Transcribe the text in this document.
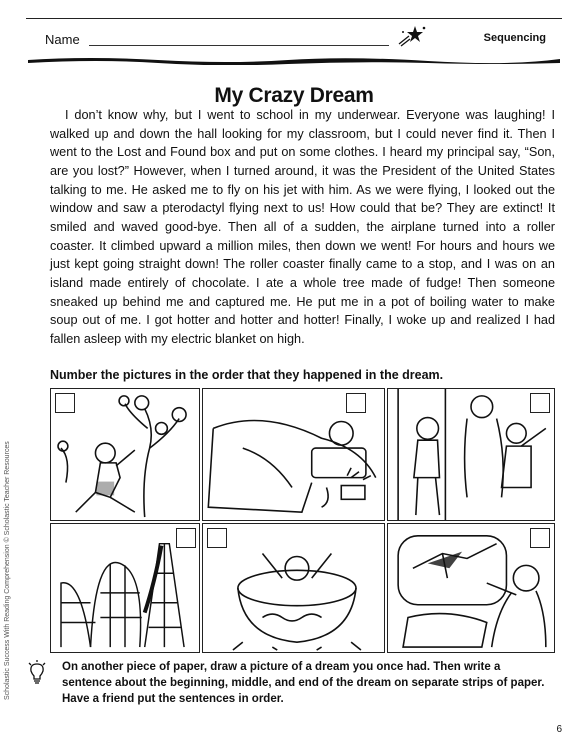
Name	Sequencing
My Crazy Dream

I don’t know why, but I went to school in my underwear. Everyone was laughing! I walked up and down the hall looking for my classroom, but I could never find it. Then I went to the Lost and Found box and put on some clothes. I heard my principal say, “Son, are you lost?” However, when I turned around, it was the President of the United States talking to me. He asked me to fly on his jet with him. As we were flying, I looked out the window and saw a pterodactyl flying next to us! How could that be? They are extinct! It smiled and waved good-bye. Then all of a sudden, the airplane turned into a roller coaster. It climbed upward a million miles, then down we went! For hours and hours we just kept going straight down! The roller coaster finally came to a stop, and I was on an island made entirely of chocolate. I ate a whole tree made of fudge! Then someone sneaked up behind me and captured me. He put me in a pot of boiling water to make soup out of me. I got hotter and hotter and hotter! Finally, I woke up and realized I had fallen asleep with my electric blanket on high.

Number the pictures in the order that they happened in the dream.

On another piece of paper, draw a picture of a dream you once had. Then write a sentence about the beginning, middle, and end of the dream on separate strips of paper. Have a friend put the sentences in order.

Scholastic Success With Reading Comprehension © Scholastic Teacher Resources
6
